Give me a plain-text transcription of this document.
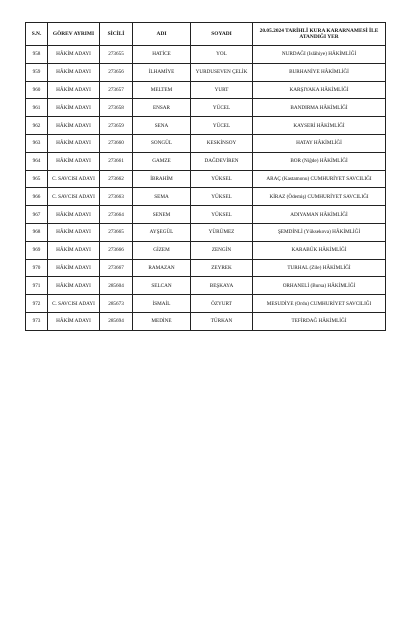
S.N.	GÖREV AYRIMI	SİCİLİ	ADI	SOYADI	20.05.2024 TARİHLİ KURA KARARNAMESİ İLE ATANDIĞI YER
958	HÂKİM ADAYI	273655	HATİCE	YOL	NURDAĞI (Islâhiye) HÂKİMLİĞİ
959	HÂKİM ADAYI	273656	İLHAMİYE	YURDUSEVEN ÇELİK	BURHANİYE HÂKİMLİĞİ
960	HÂKİM ADAYI	273657	MELTEM	YURT	KARŞIYAKA HÂKİMLİĞİ
961	HÂKİM ADAYI	273658	ENSAR	YÜCEL	BANDIRMA HÂKİMLİĞİ
962	HÂKİM ADAYI	273659	SENA	YÜCEL	KAYSERİ HÂKİMLİĞİ
963	HÂKİM ADAYI	273660	SONGÜL	KESKİNSOY	HATAY HÂKİMLİĞİ
964	HÂKİM ADAYI	273661	GAMZE	DAĞDEVİREN	BOR (Niğde) HÂKİMLİĞİ
965	C. SAVCISI ADAYI	273662	İBRAHİM	YÜKSEL	ARAÇ (Kastamonu) CUMHURİYET SAVCILIĞI
966	C. SAVCISI ADAYI	273663	SEMA	YÜKSEL	KİRAZ (Ödemiş) CUMHURİYET SAVCILIĞI
967	HÂKİM ADAYI	273664	SENEM	YÜKSEL	ADIYAMAN HÂKİMLİĞİ
968	HÂKİM ADAYI	273665	AYŞEGÜL	YÜRÜMEZ	ŞEMDİNLİ (Yüksekova) HÂKİMLİĞİ
969	HÂKİM ADAYI	273666	GİZEM	ZENGİN	KARABÜK HÂKİMLİĞİ
970	HÂKİM ADAYI	273667	RAMAZAN	ZEYREK	TURHAL (Zile) HÂKİMLİĞİ
971	HÂKİM ADAYI	285604	SELCAN	BEŞKAYA	ORHANELİ (Bursa) HÂKİMLİĞİ
972	C. SAVCISI ADAYI	285673	İSMAİL	ÖZYURT	MESUDİYE (Ordu) CUMHURİYET SAVCILIĞI
973	HÂKİM ADAYI	285694	MEDİNE	TÜRKAN	TEFİRDAĞ HÂKİMLİĞİ
